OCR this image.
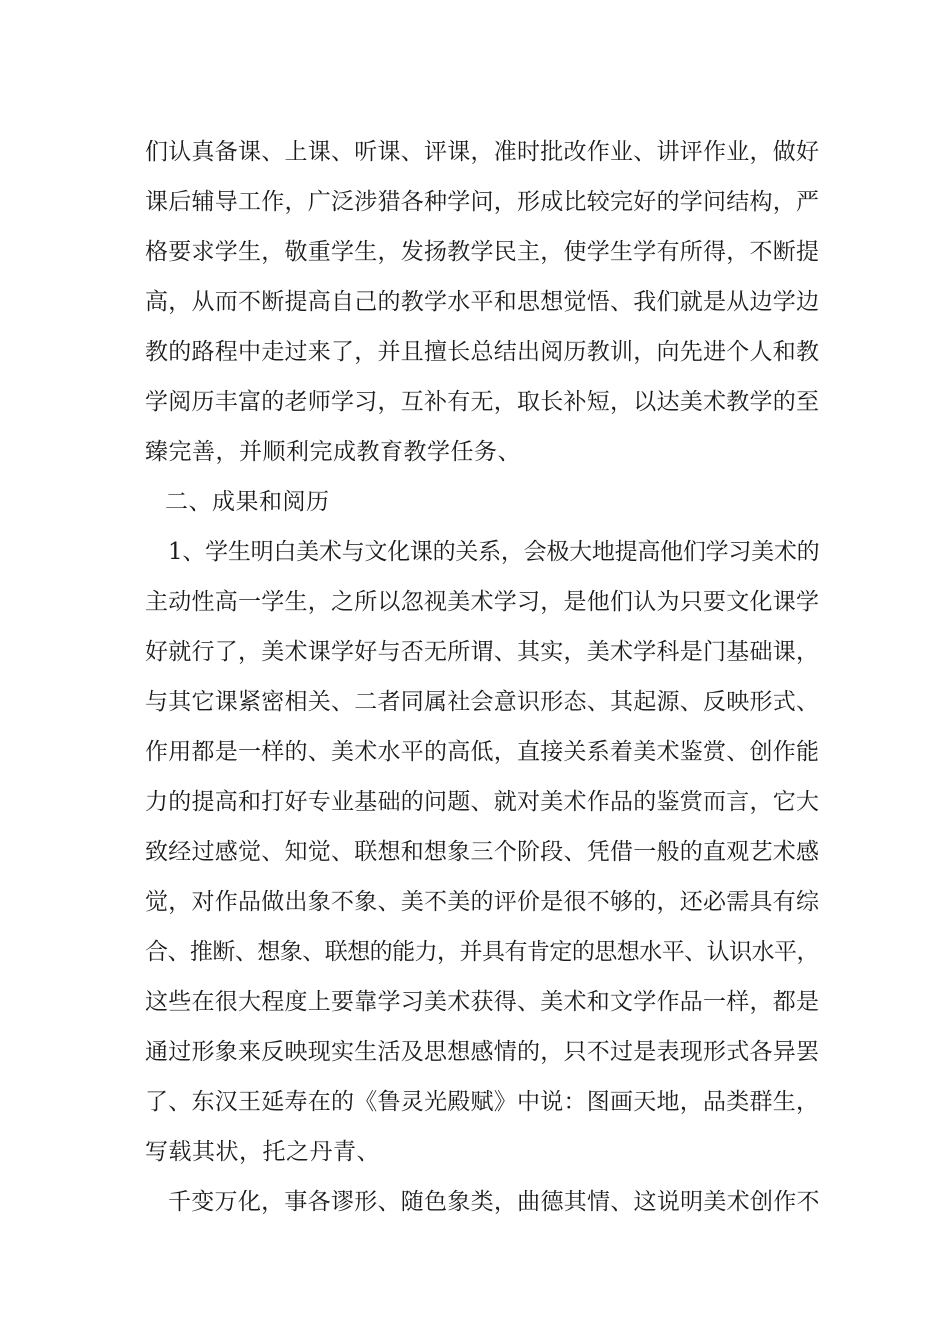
们认真备课、上课、听课、评课，准时批改作业、讲评作业，做好
课后辅导工作，广泛涉猎各种学问，形成比较完好的学问结构，严
格要求学生，敬重学生，发扬教学民主，使学生学有所得，不断提
高，从而不断提高自己的教学水平和思想觉悟、我们就是从边学边
教的路程中走过来了，并且擅长总结出阅历教训，向先进个人和教
学阅历丰富的老师学习，互补有无，取长补短，以达美术教学的至
臻完善，并顺利完成教育教学任务、
二、成果和阅历
1、学生明白美术与文化课的关系，会极大地提高他们学习美术的
主动性高一学生，之所以忽视美术学习，是他们认为只要文化课学
好就行了，美术课学好与否无所谓、其实，美术学科是门基础课，
与其它课紧密相关、二者同属社会意识形态、其起源、反映形式、
作用都是一样的、美术水平的高低，直接关系着美术鉴赏、创作能
力的提高和打好专业基础的问题、就对美术作品的鉴赏而言，它大
致经过感觉、知觉、联想和想象三个阶段、凭借一般的直观艺术感
觉，对作品做出象不象、美不美的评价是很不够的，还必需具有综
合、推断、想象、联想的能力，并具有肯定的思想水平、认识水平，
这些在很大程度上要靠学习美术获得、美术和文学作品一样，都是
通过形象来反映现实生活及思想感情的，只不过是表现形式各异罢
了、东汉王延寿在的《鲁灵光殿赋》中说：图画天地，品类群生，
写载其状，托之丹青、
千变万化，事各谬形、随色象类，曲德其情、这说明美术创作不
